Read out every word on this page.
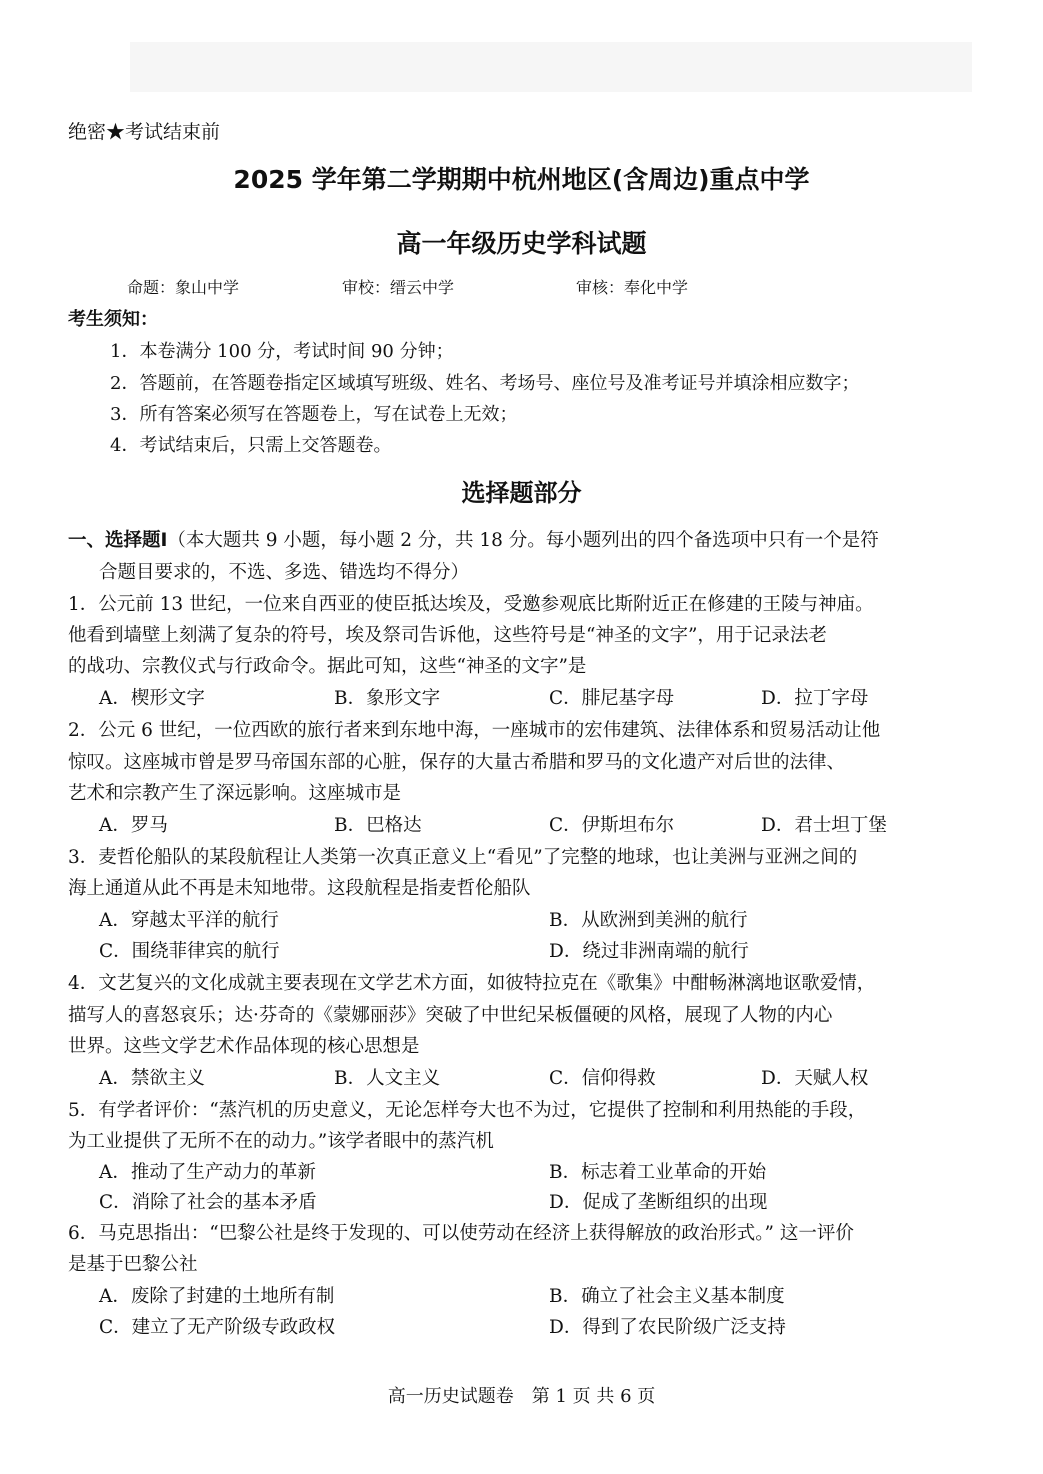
绝密★考试结束前
2025 学年第二学期期中杭州地区(含周边)重点中学
高一年级历史学科试题
命题：象山中学	审校：缙云中学	审核：奉化中学
考生须知：
1．本卷满分 100 分，考试时间 90 分钟；
2．答题前，在答题卷指定区域填写班级、姓名、考场号、座位号及准考证号并填涂相应数字；
3．所有答案必须写在答题卷上，写在试卷上无效；
4．考试结束后，只需上交答题卷。
选择题部分
一、选择题Ⅰ（本大题共 9 小题，每小题 2 分，共 18 分。每小题列出的四个备选项中只有一个是符
合题目要求的，不选、多选、错选均不得分）
1．公元前 13 世纪，一位来自西亚的使臣抵达埃及，受邀参观底比斯附近正在修建的王陵与神庙。
他看到墙壁上刻满了复杂的符号，埃及祭司告诉他，这些符号是“神圣的文字”，用于记录法老
的战功、宗教仪式与行政命令。据此可知，这些“神圣的文字”是
A．楔形文字	B．象形文字	C．腓尼基字母	D．拉丁字母
2．公元 6 世纪，一位西欧的旅行者来到东地中海，一座城市的宏伟建筑、法律体系和贸易活动让他
惊叹。这座城市曾是罗马帝国东部的心脏，保存的大量古希腊和罗马的文化遗产对后世的法律、
艺术和宗教产生了深远影响。这座城市是
A．罗马	B．巴格达	C．伊斯坦布尔	D．君士坦丁堡
3．麦哲伦船队的某段航程让人类第一次真正意义上“看见”了完整的地球，也让美洲与亚洲之间的
海上通道从此不再是未知地带。这段航程是指麦哲伦船队
A．穿越太平洋的航行	B．从欧洲到美洲的航行
C．围绕菲律宾的航行	D．绕过非洲南端的航行
4．文艺复兴的文化成就主要表现在文学艺术方面，如彼特拉克在《歌集》中酣畅淋漓地讴歌爱情，
描写人的喜怒哀乐；达·芬奇的《蒙娜丽莎》突破了中世纪呆板僵硬的风格，展现了人物的内心
世界。这些文学艺术作品体现的核心思想是
A．禁欲主义	B．人文主义	C．信仰得救	D．天赋人权
5．有学者评价：“蒸汽机的历史意义，无论怎样夸大也不为过，它提供了控制和利用热能的手段，
为工业提供了无所不在的动力。”该学者眼中的蒸汽机
A．推动了生产动力的革新	B．标志着工业革命的开始
C．消除了社会的基本矛盾	D．促成了垄断组织的出现
6．马克思指出：“巴黎公社是终于发现的、可以使劳动在经济上获得解放的政治形式。” 这一评价
是基于巴黎公社
A．废除了封建的土地所有制	B．确立了社会主义基本制度
C．建立了无产阶级专政政权	D．得到了农民阶级广泛支持
高一历史试题卷　第 1 页 共 6 页
